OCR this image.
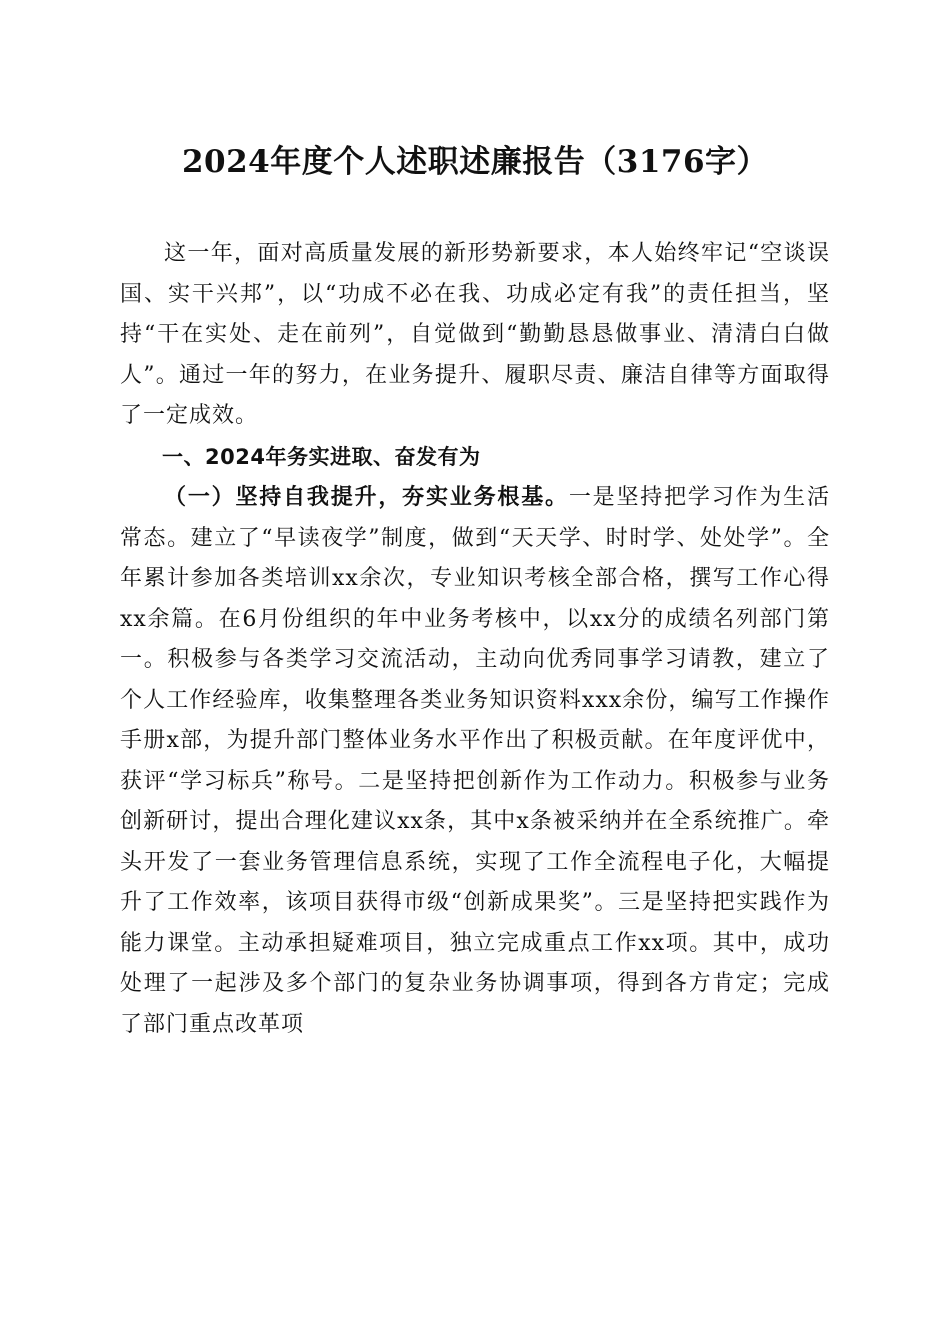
2024年度个人述职述廉报告（3176字）

这一年，面对高质量发展的新形势新要求，本人始终牢记“空谈误国、实干兴邦”，以“功成不必在我、功成必定有我”的责任担当，坚持“干在实处、走在前列”，自觉做到“勤勤恳恳做事业、清清白白做人”。通过一年的努力，在业务提升、履职尽责、廉洁自律等方面取得了一定成效。

一、2024年务实进取、奋发有为

（一）坚持自我提升，夯实业务根基。一是坚持把学习作为生活常态。建立了“早读夜学”制度，做到“天天学、时时学、处处学”。全年累计参加各类培训xx余次，专业知识考核全部合格，撰写工作心得xx余篇。在6月份组织的年中业务考核中，以xx分的成绩名列部门第一。积极参与各类学习交流活动，主动向优秀同事学习请教，建立了个人工作经验库，收集整理各类业务知识资料xxx余份，编写工作操作手册x部，为提升部门整体业务水平作出了积极贡献。在年度评优中，获评“学习标兵”称号。二是坚持把创新作为工作动力。积极参与业务创新研讨，提出合理化建议xx条，其中x条被采纳并在全系统推广。牵头开发了一套业务管理信息系统，实现了工作全流程电子化，大幅提升了工作效率，该项目获得市级“创新成果奖”。三是坚持把实践作为能力课堂。主动承担疑难项目，独立完成重点工作xx项。其中，成功处理了一起涉及多个部门的复杂业务协调事项，得到各方肯定；完成了部门重点改革项
